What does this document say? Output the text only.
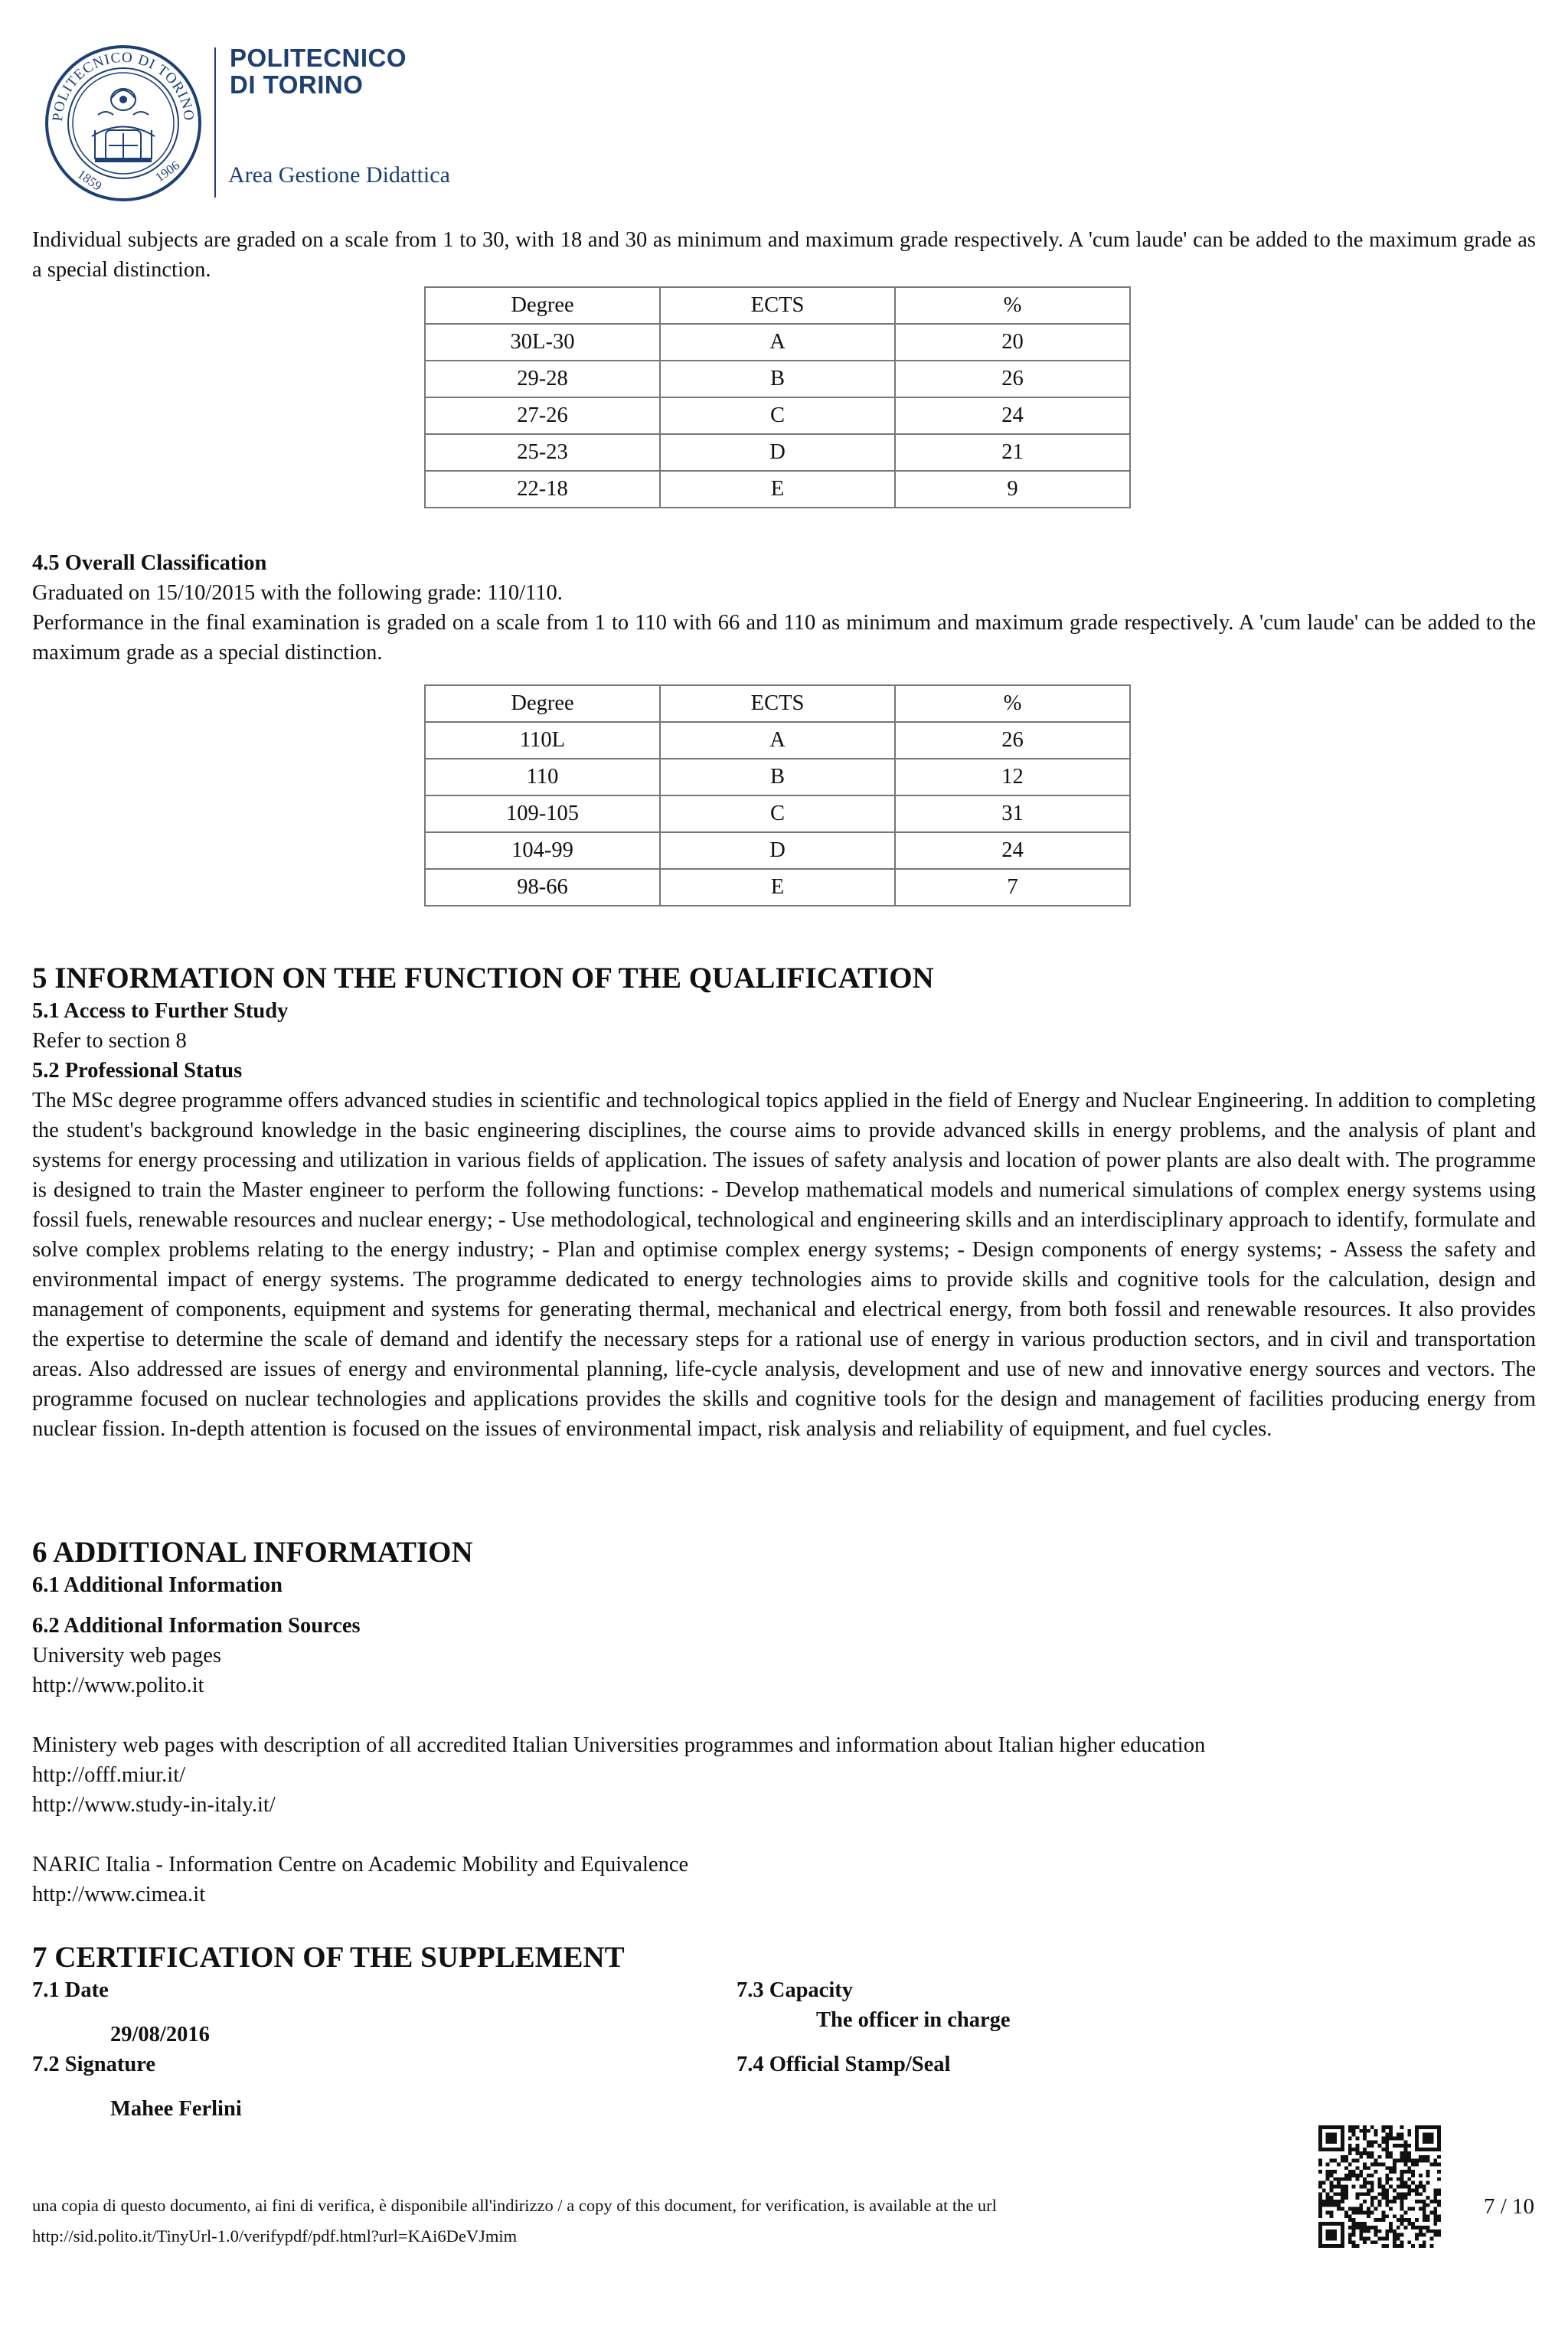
POLITECNICO DI TORINO
1859	1906
POLITECNICO
DI TORINO
Area Gestione Didattica

Individual subjects are graded on a scale from 1 to 30, with 18 and 30 as minimum and maximum grade respectively. A 'cum laude' can be added to the maximum grade as a special distinction.

Degree	ECTS	%
30L-30	A	20
29-28	B	26
27-26	C	24
25-23	D	21
22-18	E	9
4.5 Overall Classification
Graduated on 15/10/2015 with the following grade: 110/110.

Performance in the final examination is graded on a scale from 1 to 110 with 66 and 110 as minimum and maximum grade respectively. A 'cum laude' can be added to the maximum grade as a special distinction.

Degree	ECTS	%
110L	A	26
110	B	12
109-105	C	31
104-99	D	24
98-66	E	7
5 INFORMATION ON THE FUNCTION OF THE QUALIFICATION
5.1 Access to Further Study
Refer to section 8
5.2 Professional Status

The MSc degree programme offers advanced studies in scientific and technological topics applied in the field of Energy and Nuclear Engineering. In addition to completing the student's background knowledge in the basic engineering disciplines, the course aims to provide advanced skills in energy problems, and the analysis of plant and systems for energy processing and utilization in various fields of application. The issues of safety analysis and location of power plants are also dealt with. The programme is designed to train the Master engineer to perform the following functions: - Develop mathematical models and numerical simulations of complex energy systems using fossil fuels, renewable resources and nuclear energy; - Use methodological, technological and engineering skills and an interdisciplinary approach to identify, formulate and solve complex problems relating to the energy industry; - Plan and optimise complex energy systems; - Design components of energy systems; - Assess the safety and environmental impact of energy systems. The programme dedicated to energy technologies aims to provide skills and cognitive tools for the calculation, design and management of components, equipment and systems for generating thermal, mechanical and electrical energy, from both fossil and renewable resources. It also provides the expertise to determine the scale of demand and identify the necessary steps for a rational use of energy in various production sectors, and in civil and transportation areas. Also addressed are issues of energy and environmental planning, life-cycle analysis, development and use of new and innovative energy sources and vectors. The programme focused on nuclear technologies and applications provides the skills and cognitive tools for the design and management of facilities producing energy from nuclear fission. In-depth attention is focused on the issues of environmental impact, risk analysis and reliability of equipment, and fuel cycles.

6 ADDITIONAL INFORMATION
6.1 Additional Information
6.2 Additional Information Sources
University web pages
http://www.polito.it
Ministery web pages with description of all accredited Italian Universities programmes and information about Italian higher education
http://offf.miur.it/
http://www.study-in-italy.it/
NARIC Italia - Information Centre on Academic Mobility and Equivalence
http://www.cimea.it
7 CERTIFICATION OF THE SUPPLEMENT
7.1 Date
29/08/2016
7.2 Signature
Mahee Ferlini
7.3 Capacity
The officer in charge
7.4 Official Stamp/Seal
una copia di questo documento, ai fini di verifica, è disponibile all'indirizzo / a copy of this document, for verification, is available at the url
http://sid.polito.it/TinyUrl-1.0/verifypdf/pdf.html?url=KAi6DeVJmim
7 / 10
